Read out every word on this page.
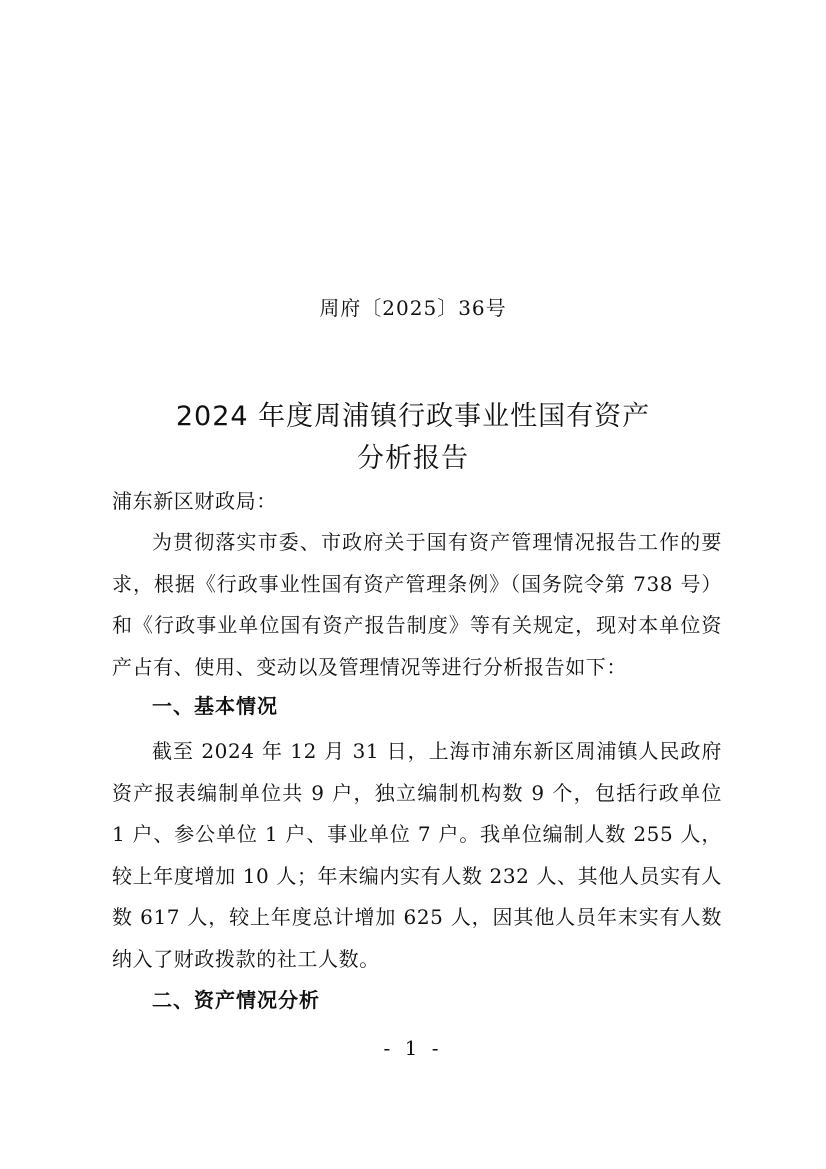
周府〔2025〕36号
2024 年度周浦镇行政事业性国有资产
分析报告
浦东新区财政局：
为贯彻落实市委、市政府关于国有资产管理情况报告工作的要求，根据《行政事业性国有资产管理条例》（国务院令第 738 号）和《行政事业单位国有资产报告制度》等有关规定，现对本单位资产占有、使用、变动以及管理情况等进行分析报告如下：
一、基本情况
截至 2024 年 12 月 31 日，上海市浦东新区周浦镇人民政府资产报表编制单位共 9 户，独立编制机构数 9 个，包括行政单位 1 户、参公单位 1 户、事业单位 7 户。我单位编制人数 255 人，较上年度增加 10 人；年末编内实有人数 232 人、其他人员实有人数 617 人，较上年度总计增加 625 人，因其他人员年末实有人数纳入了财政拨款的社工人数。
二、资产情况分析
- 1 -
